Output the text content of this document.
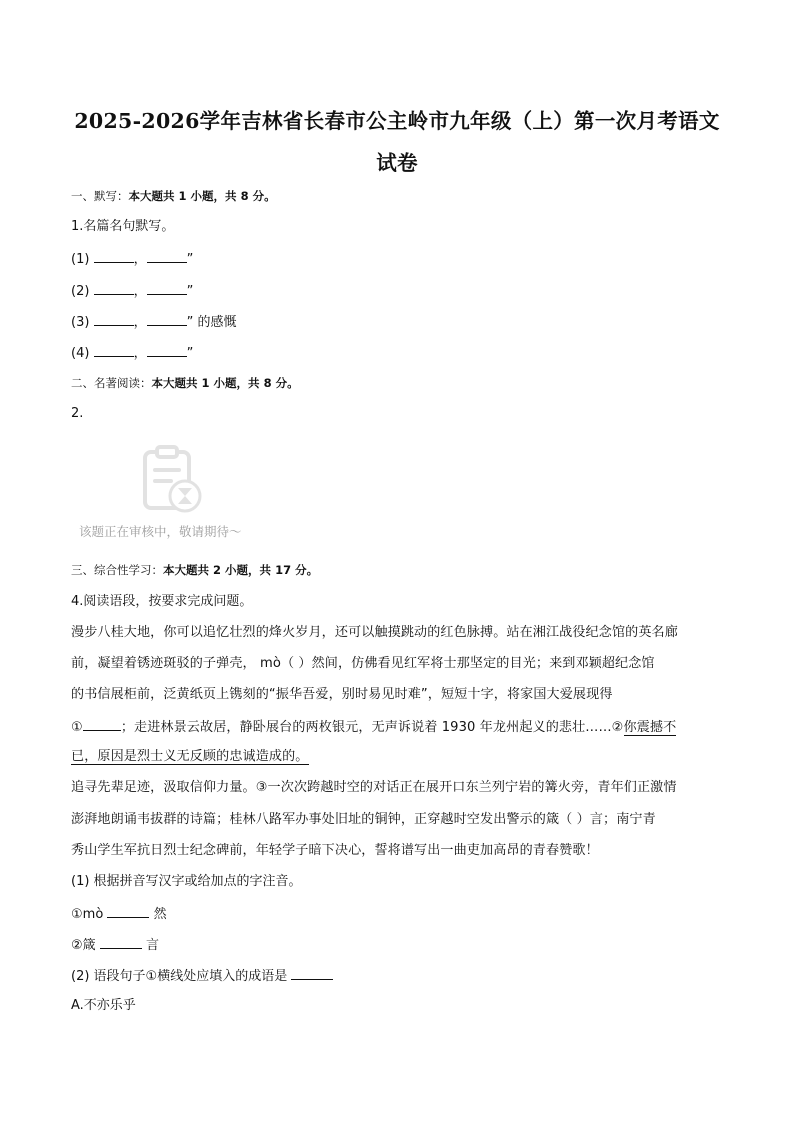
2025-2026学年吉林省长春市公主岭市九年级（上）第一次月考语文
试卷
一、默写：本大题共 1 小题，共 8 分。
1.名篇名句默写。
(1)	，	”
(2)	，	”
(3)	，	” 的感慨
(4)	，	”
二、名著阅读：本大题共 1 小题，共 8 分。
2.
该题正在审核中，敬请期待～
三、综合性学习：本大题共 2 小题，共 17 分。
4.阅读语段，按要求完成问题。
漫步八桂大地，你可以追忆壮烈的烽火岁月，还可以触摸跳动的红色脉搏。站在湘江战役纪念馆的英名廊
前，凝望着锈迹斑驳的子弹壳， mò（ ）然间，仿佛看见红军将士那坚定的目光；来到邓颖超纪念馆
的书信展柜前，泛黄纸页上镌刻的“振华吾爱，别时易见时难”，短短十字，将家国大爱展现得
①	；走进林景云故居，静卧展台的两枚银元，无声诉说着 1930 年龙州起义的悲壮……②你震撼不
已，原因是烈士义无反顾的忠诚造成的。
追寻先辈足迹，汲取信仰力量。③一次次跨越时空的对话正在展开口东兰列宁岩的篝火旁，青年们正激情
澎湃地朗诵韦拔群的诗篇；桂林八路军办事处旧址的铜钟，正穿越时空发出警示的箴（ ）言；南宁青
秀山学生军抗日烈士纪念碑前，年轻学子暗下决心，誓将谱写出一曲吏加高昂的青春赞歌！
(1) 根据拼音写汉字或给加点的字注音。
①mò	然
②箴	言
(2) 语段句子①横线处应填入的成语是
A.不亦乐乎
